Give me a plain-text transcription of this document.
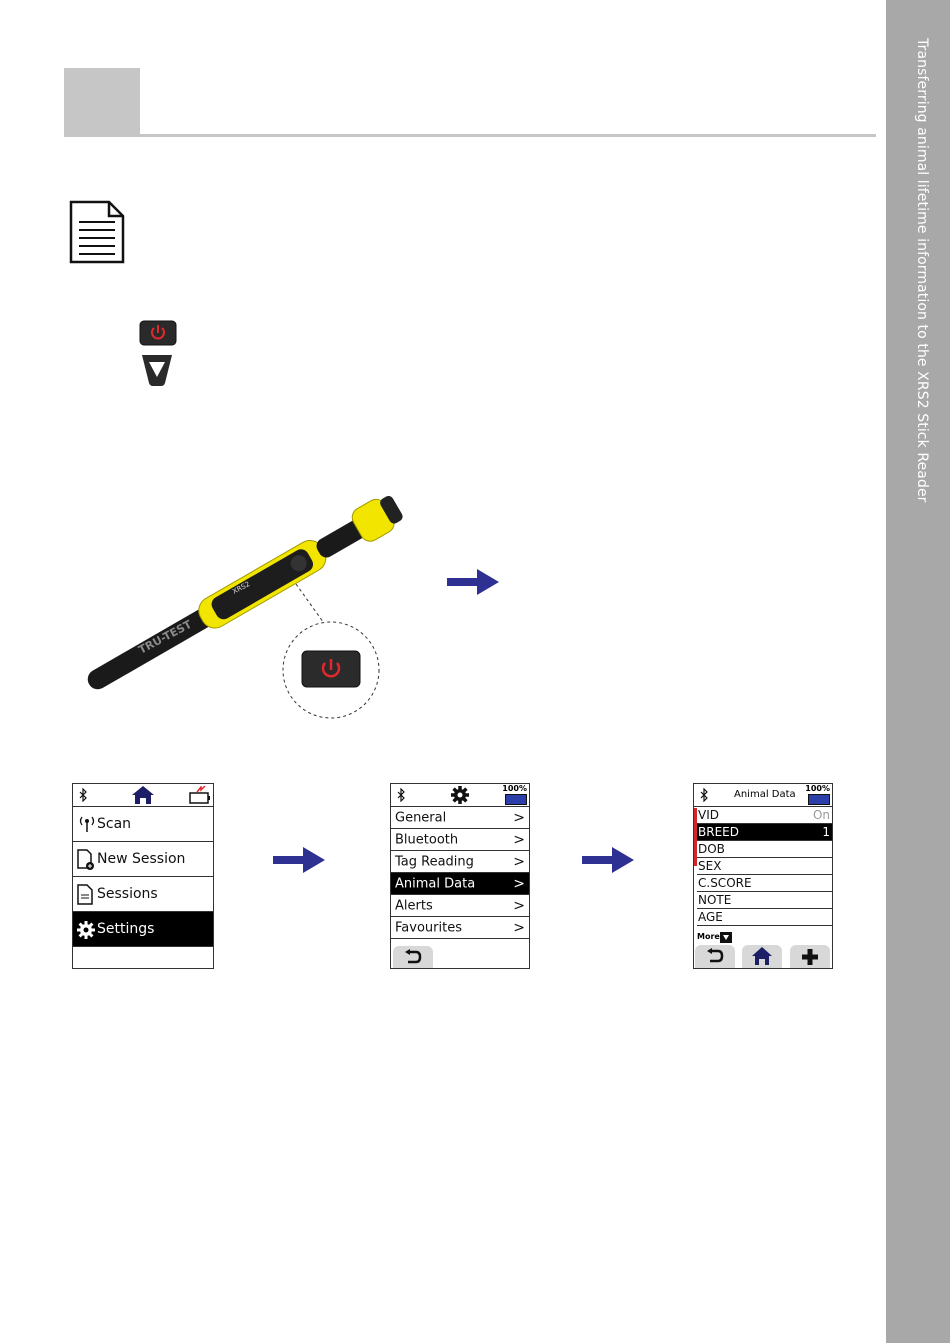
Transferring animal lifetime information to the XRS2 Stick Reader
TRU-TEST
XRS2
Scan
New Session
Sessions
Settings
100%
General	>
Bluetooth	>
Tag Reading	>
Animal Data	>
Alerts	>
Favourites	>
Animal Data
100%
VID	On
BREED	1
DOB
SEX
C.SCORE
NOTE
AGE
More
